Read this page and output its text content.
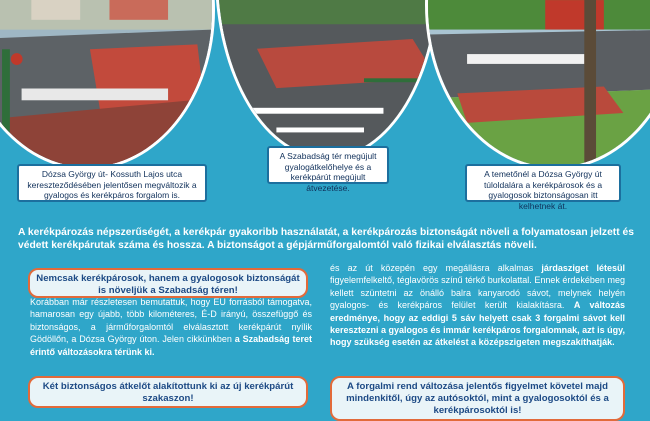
Dózsa György út- Kossuth Lajos utca kereszteződésében jelentősen megváltozik a gyalogos és kerékpáros forgalom is.
A Szabadság tér megújult gyalogátkelőhelye és a kerékpárút megújult átvezetése.
A temetőnél a Dózsa György út túloldalára a kerékpárosok és a gyalogosok biztonságosan itt kelhetnek át.
A kerékpározás népszerűségét, a kerékpár gyakoribb használatát, a kerékpározás biztonságát növeli a folyamatosan jelzett és védett kerékpárutak száma és hossza. A biztonságot a gépjárműforgalomtól való fizikai elválasztás növeli.
Nemcsak kerékpárosok, hanem a gyalogosok biztonságát is növeljük a Szabadság téren!

Korábban már részletesen bemutattuk, hogy EU forrásból támogatva, hamarosan egy újabb, több kilométeres, É-D irányú, összefüggő és biztonságos, a járműforgalomtól elválasztott kerékpárút nyílik Gödöllőn, a Dózsa György úton. Jelen cikkünkben a Szabadság teret érintő változásokra térünk ki.

Két biztonságos átkelőt alakítottunk ki az új kerékpárút szakaszon!

és az út közepén egy megállásra alkalmas járdasziget létesül figyelemfelkeltő, téglavörös színű térkő burkolattal. Ennek érdekében meg kellett szüntetni az önálló balra kanyarodó sávot, melynek helyén gyalogos- és kerékpáros felület került kialakításra. A változás eredménye, hogy az eddigi 5 sáv helyett csak 3 forgalmi sávot kell keresztezni a gyalogos és immár kerékpáros forgalomnak, azt is úgy, hogy szükség esetén az átkelést a középszigeten megszakíthatják.

A forgalmi rend változása jelentős figyelmet követel majd mindenkitől, úgy az autósoktól, mint a gyalogosoktól és a kerékpárosoktól is!
